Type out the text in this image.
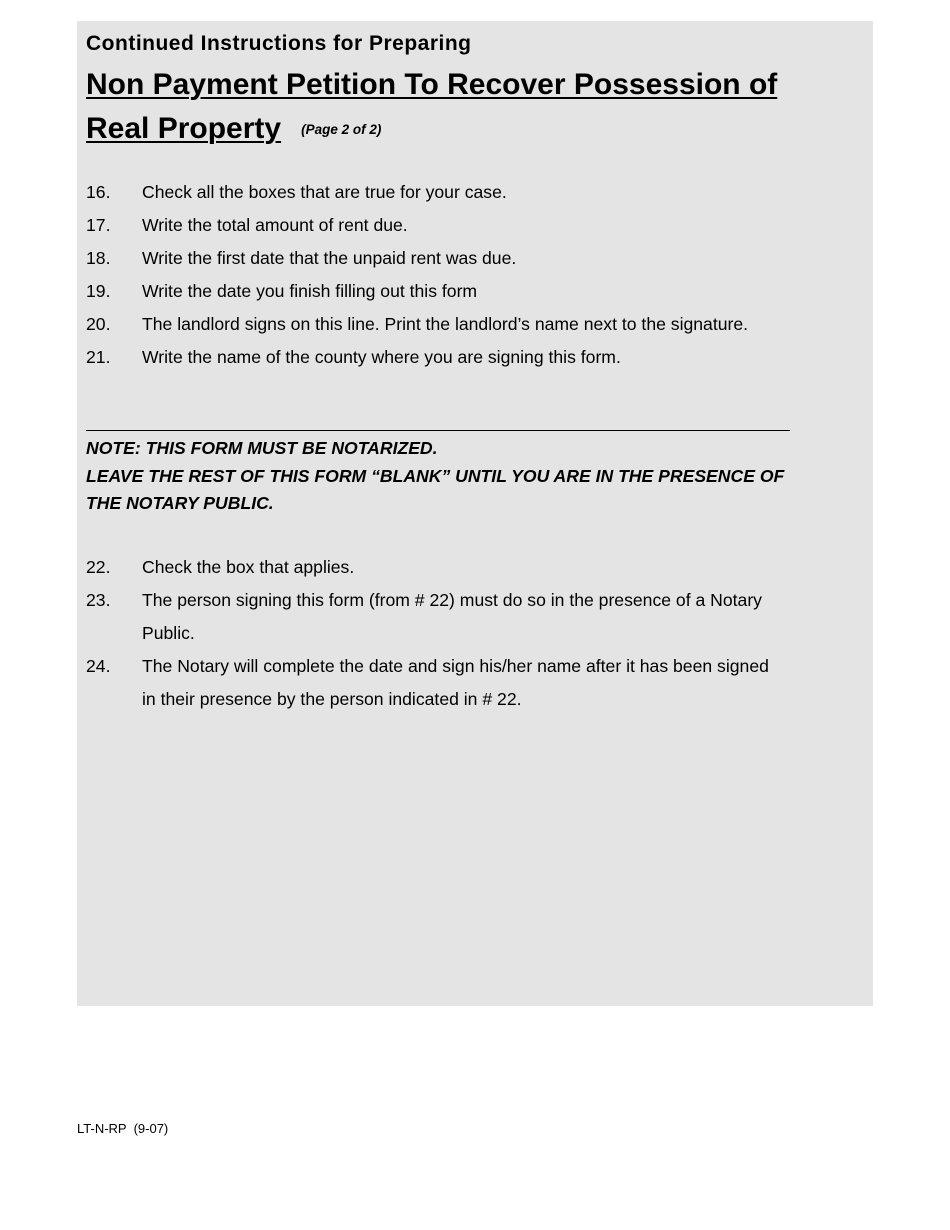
Continued Instructions for Preparing
Non Payment Petition To Recover Possession of Real Property (Page 2 of 2)
16. Check all the boxes that are true for your case.
17. Write the total amount of rent due.
18. Write the first date that the unpaid rent was due.
19. Write the date you finish filling out this form
20. The landlord signs on this line. Print the landlord’s name next to the signature.
21. Write the name of the county where you are signing this form.
NOTE: THIS FORM MUST BE NOTARIZED.
LEAVE THE REST OF THIS FORM “BLANK” UNTIL YOU ARE IN THE PRESENCE OF
THE NOTARY PUBLIC.
22. Check the box that applies.
23. The person signing this form (from # 22) must do so in the presence of a Notary Public.
24. The Notary will complete the date and sign his/her name after it has been signed in their presence by the person indicated in # 22.
LT-N-RP  (9-07)
